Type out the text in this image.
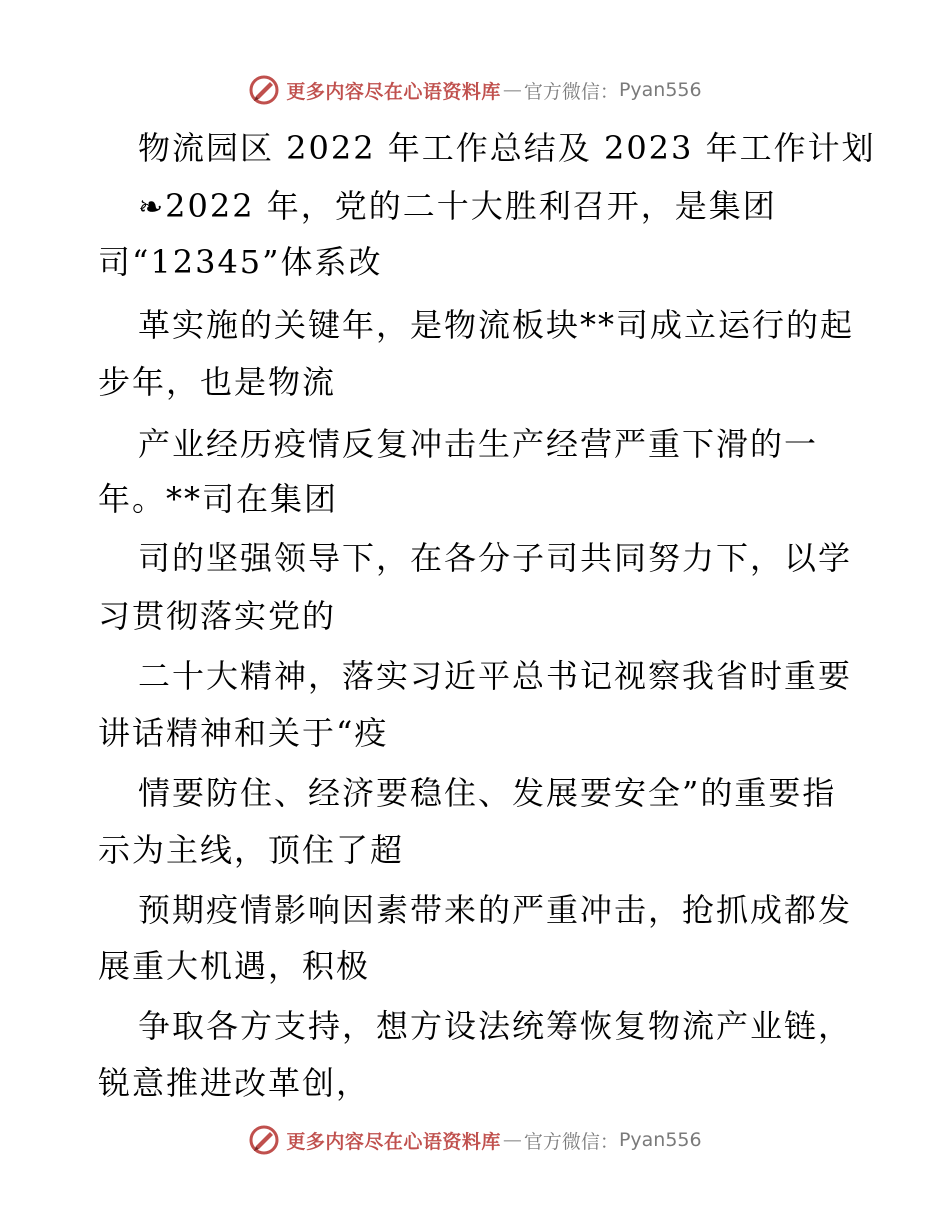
更多内容尽在心语资料库 — 官方微信： Pyan556
物流园区 2022 年工作总结及 2023 年工作计划
❧2022 年，党的二十大胜利召开，是集团
司“12345”体系改
革实施的关键年，是物流板块**司成立运行的起
步年，也是物流
产业经历疫情反复冲击生产经营严重下滑的一
年。**司在集团
司的坚强领导下，在各分子司共同努力下，以学
习贯彻落实党的
二十大精神，落实习近平总书记视察我省时重要
讲话精神和关于“疫
情要防住、经济要稳住、发展要安全”的重要指
示为主线，顶住了超
预期疫情影响因素带来的严重冲击，抢抓成都发
展重大机遇，积极
争取各方支持，想方设法统筹恢复物流产业链，
锐意推进改革创，
更多内容尽在心语资料库 — 官方微信： Pyan556
